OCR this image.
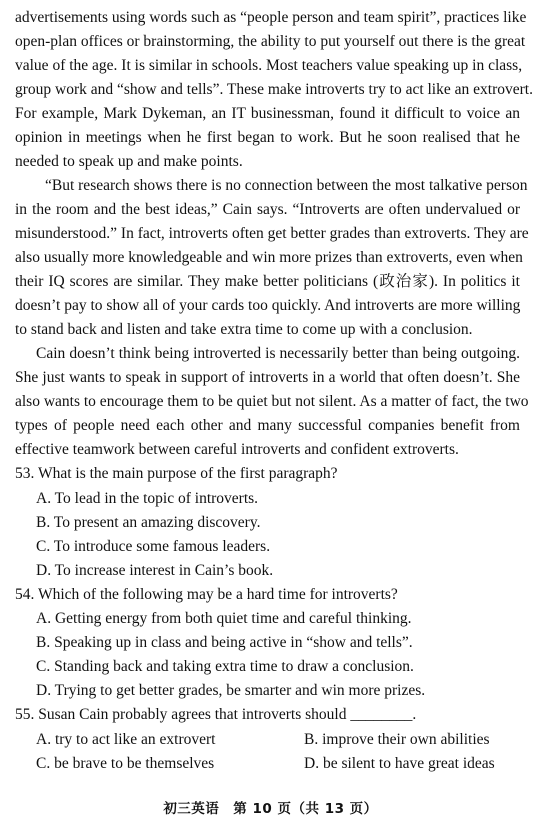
advertisements using words such as “people person and team spirit”, practices like
open-plan offices or brainstorming, the ability to put yourself out there is the great
value of the age. It is similar in schools. Most teachers value speaking up in class,
group work and “show and tells”. These make introverts try to act like an extrovert.
For example, Mark Dykeman, an IT businessman, found it difficult to voice an
opinion in meetings when he first began to work. But he soon realised that he
needed to speak up and make points.
“But research shows there is no connection between the most talkative person
in the room and the best ideas,” Cain says. “Introverts are often undervalued or
misunderstood.” In fact, introverts often get better grades than extroverts. They are
also usually more knowledgeable and win more prizes than extroverts, even when
their IQ scores are similar. They make better politicians (政治家). In politics it
doesn’t pay to show all of your cards too quickly. And introverts are more willing
to stand back and listen and take extra time to come up with a conclusion.
Cain doesn’t think being introverted is necessarily better than being outgoing.
She just wants to speak in support of introverts in a world that often doesn’t. She
also wants to encourage them to be quiet but not silent. As a matter of fact, the two
types of people need each other and many successful companies benefit from
effective teamwork between careful introverts and confident extroverts.
53. What is the main purpose of the first paragraph?
A. To lead in the topic of introverts.
B. To present an amazing discovery.
C. To introduce some famous leaders.
D. To increase interest in Cain’s book.
54. Which of the following may be a hard time for introverts?
A. Getting energy from both quiet time and careful thinking.
B. Speaking up in class and being active in “show and tells”.
C. Standing back and taking extra time to draw a conclusion.
D. Trying to get better grades, be smarter and win more prizes.
55. Susan Cain probably agrees that introverts should ________.
A. try to act like an extrovert	B. improve their own abilities
C. be brave to be themselves	D. be silent to have great ideas
初三英语　第 10 页（共 13 页）
